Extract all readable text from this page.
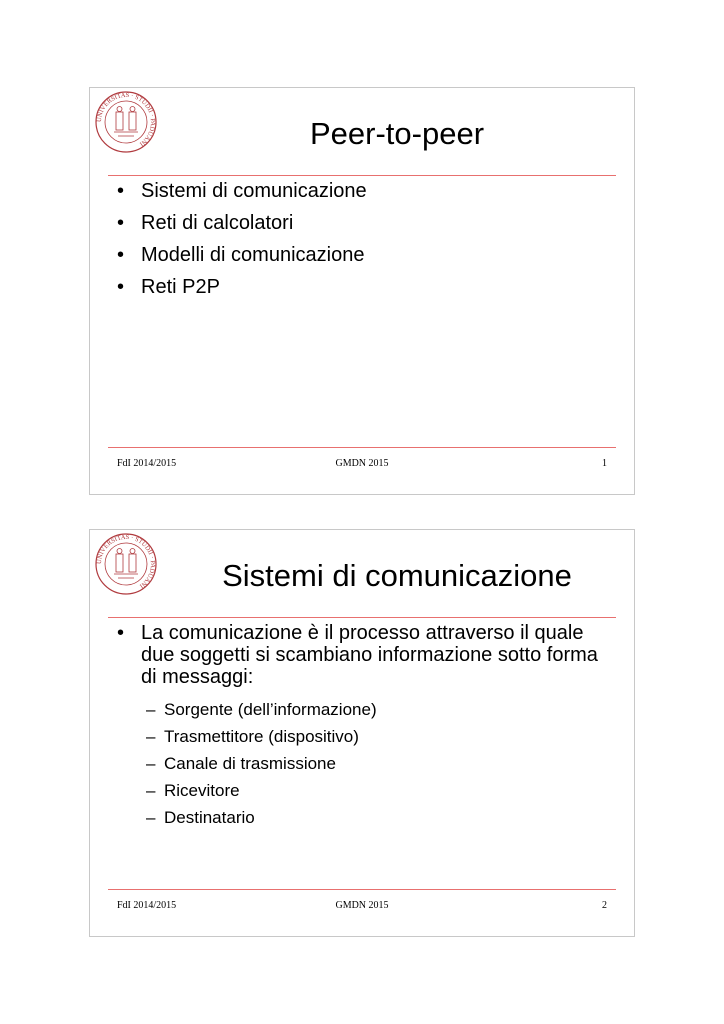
UNIVERSITAS · STUDII · PADUANI	Peer-to-peer
• Sistemi di comunicazione
• Reti di calcolatori
• Modelli di comunicazione
• Reti P2P
FdI 2014/2015	GMDN 2015	1
UNIVERSITAS · STUDII · PADUANI	Sistemi di comunicazione
• La comunicazione è il processo attraverso il quale due soggetti si scambiano informazione sotto forma di messaggi:
– Sorgente (dell’informazione)
– Trasmettitore (dispositivo)
– Canale di trasmissione
– Ricevitore
– Destinatario
FdI 2014/2015	GMDN 2015	2
